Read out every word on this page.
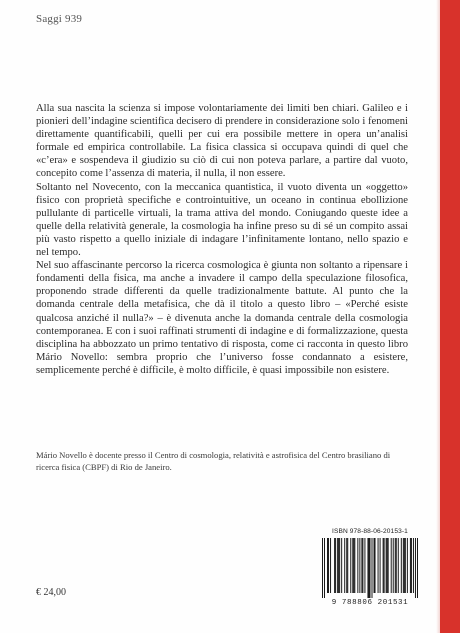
Saggi 939

Alla sua nascita la scienza si impose volontariamente dei limiti ben chiari. Galileo e i pionieri dell’indagine scientifica decisero di prendere in considerazione solo i fenomeni direttamente quantificabili, quelli per cui era possibile mettere in opera un’analisi formale ed empirica controllabile. La fisica classica si occupava quindi di quel che «c’era» e sospendeva il giudizio su ciò di cui non poteva parlare, a partire dal vuoto, concepito come l’assenza di materia, il nulla, il non essere.

Soltanto nel Novecento, con la meccanica quantistica, il vuoto diventa un «oggetto» fisico con proprietà specifiche e controintuitive, un oceano in continua ebollizione pullulante di particelle virtuali, la trama attiva del mondo. Coniugando queste idee a quelle della relatività generale, la cosmologia ha infine preso su di sé un compito assai più vasto rispetto a quello iniziale di indagare l’infinitamente lontano, nello spazio e nel tempo.

Nel suo affascinante percorso la ricerca cosmologica è giunta non soltanto a ripensare i fondamenti della fisica, ma anche a invadere il campo della speculazione filosofica, proponendo strade differenti da quelle tradizionalmente battute. Al punto che la domanda centrale della metafisica, che dà il titolo a questo libro – «Perché esiste qualcosa anziché il nulla?» – è divenuta anche la domanda centrale della cosmologia contemporanea. E con i suoi raffinati strumenti di indagine e di formalizzazione, questa disciplina ha abbozzato un primo tentativo di risposta, come ci racconta in questo libro Mário Novello: sembra proprio che l’universo fosse condannato a esistere, semplicemente perché è difficile, è molto difficile, è quasi impossibile non esistere.

Mário Novello è docente presso il Centro di cosmologia, relatività e astrofisica del Centro brasiliano di ricerca fisica (CBPF) di Rio de Janeiro.
€ 24,00
ISBN 978-88-06-20153-1
9 788806 201531
